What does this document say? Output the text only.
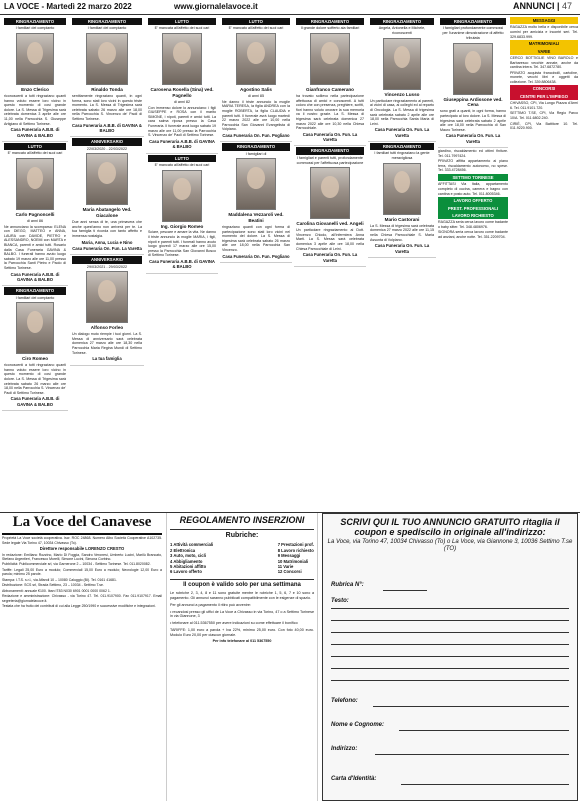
LA VOCE - Martedì 22 marzo 2022	www.giornalelavoce.it	ANNUNCI | 47
RINGRAZIAMENTO
I familiari del compianto
Enzo Clerico
riconoscenti a tutti ringraziano quanti hanno voluto essere loro vicino in questo momento di così grande dolore. La S. Messa di Trigesima sarà celebrata domenica 3 aprile alle ore 11,00 nella Parrocchia S. Giuseppe Artigiano di Settimo Torinese.
Casa Funeraria A.B.B. di GAVINA & BALBO
LUTTO
E' mancato all'affetto dei suoi cari
Carlo Pagnoncelli
di anni 86
Ne annunciano la scomparsa: ELENA con DIEGO, MATTEO e ANNA, LAURA con DAVIDE, PIETRO e ALESSANDRO, NOEMI con MARTA e BIANCA, parenti e amici tutti. Rosario dalla Casa Funeraria GAVINA & BALBO. I funerali hanno avuto luogo sabato 19 marzo alle ore 11,00 presso la Parrocchia Santi Pietro e Paolo di Settimo Torinese.
Casa Funeraria A.B.B. di GAVINA & BALBO
RINGRAZIAMENTO
I familiari del compianto
Ciro Romeo
riconoscenti a tutti ringraziano quanti hanno voluto essere loro vicino in questo momento di così grande dolore. La S. Messa di Trigesima sarà celebrata sabato 26 marzo alle ore 18,00 nella Parrocchia S. Vincenzo de' Paoli di Settimo Torinese.
Casa Funeraria A.B.B. di GAVINA & BALBO
RINGRAZIAMENTO
I familiari del compianto
Rinaldo Tonda
sentitamente ringraziano quanti, in ogni forma, sono stati loro vicini in questo triste momento. La S. Messa di Trigesima sarà celebrata sabato 26 marzo alle ore 18,00 nella Parrocchia S. Vincenzo de' Paoli di Settimo Torinese.
Casa Funeraria A.B.B. di GAVINA & BALBO
ANNIVERSARIO
22/03/2020 - 22/03/2022
Maria Abatangelo Ved. Giacalone
Due anni senza di te, una primavera che anche quest'anno non arriverà per te. La tua famiglia ti ricorda con tanto affetto e immensa nostalgia.
Maria, Anna, Lucia e Nino
Casa Funeraria On. Fun. La Varetta
ANNIVERSARIO
29/03/2021 - 29/03/2022
Alfonso Forleo
Un dialogo muto riempie i tuoi giorni. La S. Messa di anniversario sarà celebrata domenica 27 marzo alle ore 18,30 nella Parrocchia Maria Regina Mundi di Settimo Torinese.
La tua famiglia
LUTTO
E' mancata all'affetto dei suoi cari
Carosena Rosella (Sina) ved. Pagnello
di anni 82
Con immenso dolore lo annunciano: i figli GIUSEPPE e ROSA con il marito SIMONE, i nipoti, parenti e amici tutti. La cara salma riposa presso la Casa Funeraria. Il funerale avrà luogo sabato 19 marzo alle ore 11,00 presso la Parrocchia S. Vincenzo de' Paoli di Settimo Torinese.
Casa Funeraria A.B.B. di GAVINA & BALBO
LUTTO
E' mancato all'affetto dei suoi cari
Ing. Giorgio Romeo
Sciare, pescare e amare la vita. Ne danno il triste annuncio la moglie MARIA, i figli, nipoti e parenti tutti. I funerali hanno avuto luogo giovedì 17 marzo alle ore 15,00 presso la Parrocchia San Giovanni Bosco di Settimo Torinese.
Casa Funeraria A.B.B. di GAVINA & BALBO
LUTTO
E' mancato all'affetto dei suoi cari
Agostino Salis
di anni 85
Ne danno il triste annuncio la moglie MARIA TERESA, la figlia ANDREA con la moglie ROBERTA, la figlia CLAUDIA e parenti tutti. Il funerale avrà luogo martedì 22 marzo 2022 alle ore 10,00 nella Parrocchia San Giovanni Evangelista di Volpiano.
Casa Funeraria On. Fun. Pogliano
RINGRAZIAMENTO
I famigliari di
Maddalena Vezzaroli ved. Beatini
ringraziano quanti con ogni forma di partecipazione sono stati loro vicini nel momento del dolore. La S. Messa di trigesima sarà celebrata sabato 26 marzo alle ore 18,00 nella Parrocchia San Vincenzo.
Casa Funeraria On. Fun. Pogliano
RINGRAZIAMENTO
Il grande dolore sofferto aia familiari
Gianfranco Camerano
ha trovato sollievo nella partecipazione affettuosa di amici e conoscenti. A tutti coloro che con presenza, preghiere, scritti, fiori hanno voluto onorare la sua memoria va il nostro grazie. La S. Messa di trigesima sarà celebrata domenica 27 marzo 2022 alle ore 10,30 nella Chiesa Parrocchiale.
Casa Funeraria On. Fun. La Varetta
RINGRAZIAMENTO
I famigliari e parenti tutti, profondamente commossi per l'affettuosa partecipazione
Carolina Giovanelli ved. Angeli
Un particolare ringraziamento ai Dott. Vincenzo Chiodo, all'infermiera Anna Marti. La S. Messa sarà celebrata domenica 3 aprile alle ore 18,00 nella Chiesa Parrocchiale di Leinì.
Casa Funeraria On. Fun. La Varetta
RINGRAZIAMENTO
Angela, Antonella e Michele, riconoscenti
Vincenzo Lusso
Un particolare ringraziamento ai parenti, ai vicini di casa, ai colleghi ed al reparto di Oncologia. La S. Messa di trigesima sarà celebrata sabato 2 aprile alle ore 18,00 nella Parrocchia Santa Maria di Leinì.
Casa Funeraria On. Fun. La Varetta
RINGRAZIAMENTO
I familiari tutti ringraziano la gente meravigliosa
Mario Castorani
La S. Messa di trigesima sarà celebrata domenica 27 marzo 2022 alle ore 11,15 nella Chiesa Parrocchiale S. Maria Assunta di Volpiano.
Casa Funeraria On. Fun. La Varetta
RINGRAZIAMENTO
I famigliari profondamente commossi per l'unanime dimostrazione di affetto tributata
Giuseppina Ardissone ved. Cena
sono grati a quanti, in ogni forma, hanno partecipato al loro dolore. La S. Messa di trigesima sarà celebrata sabato 2 aprile alle ore 18,00 nella Parrocchia di San Mauro Torinese.
Casa Funeraria On. Fun. La Varetta
giardino, riscaldamento ed ottimi finiture. Tel. 011.7997424.
PRIVATO affitta appartamento ai piano terra, riscaldamento autonomo, no spese. Tel. 333.4728456.
SETTIMO TORINESE
AFFITTASI Via Italia, appartamento completo di cucina, camera e bagno con cantina e posto auto. Tel. 011.8005346.
LAVORO OFFERTO
PREST. PROFESSIONALI
LAVORO RICHIESTO
RAGAZZA seria cerca lavoro come badante o baby sitter. Tel. 348.4806976.
SIGNORA seria cerca lavoro come badante ad anziani, anche notte. Tel. 351.2209704.
MESSAGGI
RAGAZZA molto bella e disponibile cerca uomini per amicizia e incontri seri. Tel. 329.6833.999.
MATRIMONIALI
VARIE
CERCO BOTTIGLIE VINO BAROLO e Barbaresco vecchie annate, anche da cantina intera. Tel. 347.6872780.
PRIVATO acquista francobolli, cartoline, monete, vecchi libri e oggetti da collezione. Tel. 339.8806438.
CONCORSI
CENTRI PER L'IMPIEGO
CHIVASSO, CPI, Via Lungo Piazza d'Armi 6. Tel. 011.9101.720.
SETTIMO T.SE, CPI, Via Regio Parco 10/A. Tel. 011.6802.240.
CIRIÈ, CPI, Via Battitore 10. Tel. 011.9220.900.
La Voce del Canavese

Proprietà La Voce società cooperativa. Iscr. ROC 24868. Numero Albo Società Cooperative A102735. Sede legale Via Torino 47, 10034 Chivasso (To).

Direttore responsabile LORENZO CRESTO

In redazione: Emiliano Rozzino, Mario Di Foggia, Sandro Veronesi, Umberto Lucini, Marilù Brancato, Stefano Argentieri, Francesco Morelli, Simone Lucini, Simona Corbino.

Pubblicità: Publicommerciale srl, via Garnerone 2 – 10034 - Settimo Torinese. Tel. 011.8020082.

Tariffe: Legali 25,00 Euro a modulo; Commerciali 15,00 Euro a modulo; Necrologie 12,00 Euro a parola; minimo 25 parole.

Stampa: I.T.S. s.r.l., via Alfaroli 10 – 10080 Caluggio (BI). Tel. 0161 41681.

Distribuzione: SCS srl, Strada Settimo, 23 – 10034 - Settimo T.se.

Abbonamenti: annuale €100. Iban IT83 N030 6901 0001 0000 0062 1.

Redazione e amministrazione: Chivasso - via Torino 47. Tel. 011.9107900. Fax 011.9107917. Email segreteria@giornalelavoce.it.

Testata che ha fruito dei contributi di cui alla Legge 250/1990 e successive modifiche e integrazioni.

REGOLAMENTO INSERZIONI
Rubriche:
1 Attività commerciali
2 Elettronica
3 Auto, moto, cicli
4 Abbigliamento
5 Abitazioni affitto
6 Lavoro offerto
7 Prestazioni prof.
8 Lavoro richiesto
9 Messaggi
10 Matrimoniali
11 Varie
12 Concorsi
Il coupon è valido solo per una settimana

Le rubriche 2, 3, 4, 8 e 11 sono gratuite mentre le rubriche 1, 5, 6, 7 e 10 sono a pagamento. Gli annunci saranno pubblicati compatibilmente con le esigenze di spazio.

Per gli annunci a pagamento il ritiro può avvenire:

• recandosi presso gli uffici de La Voce a Chivasso in via Torino, 47 o a Settimo Torinese in via Giannone, 3

• telefonare al 011.5367550 per avere indicazioni su come effettuare il bonifico

TARIFFE: 1,00 euro a parola + Iva 22%, minimo 25,00 euro. Con foto 40,00 euro. Modulo Euro 20,00 per ciascun giornale.

Per info telefonare al 011 5367550

SCRIVI QUI IL TUO ANNUNCIO GRATUITO ritaglia il coupon e spediscilo in originale all'indirizzo:
La Voce, via Torino 47, 10034 Chivasso (To) o La Voce, via Giannone 3, 10036 Settimo T.se (TO)
Rubrica N°:
Testo:
Telefono:
Nome e Cognome:
Indirizzo:
Carta d'Identità:
